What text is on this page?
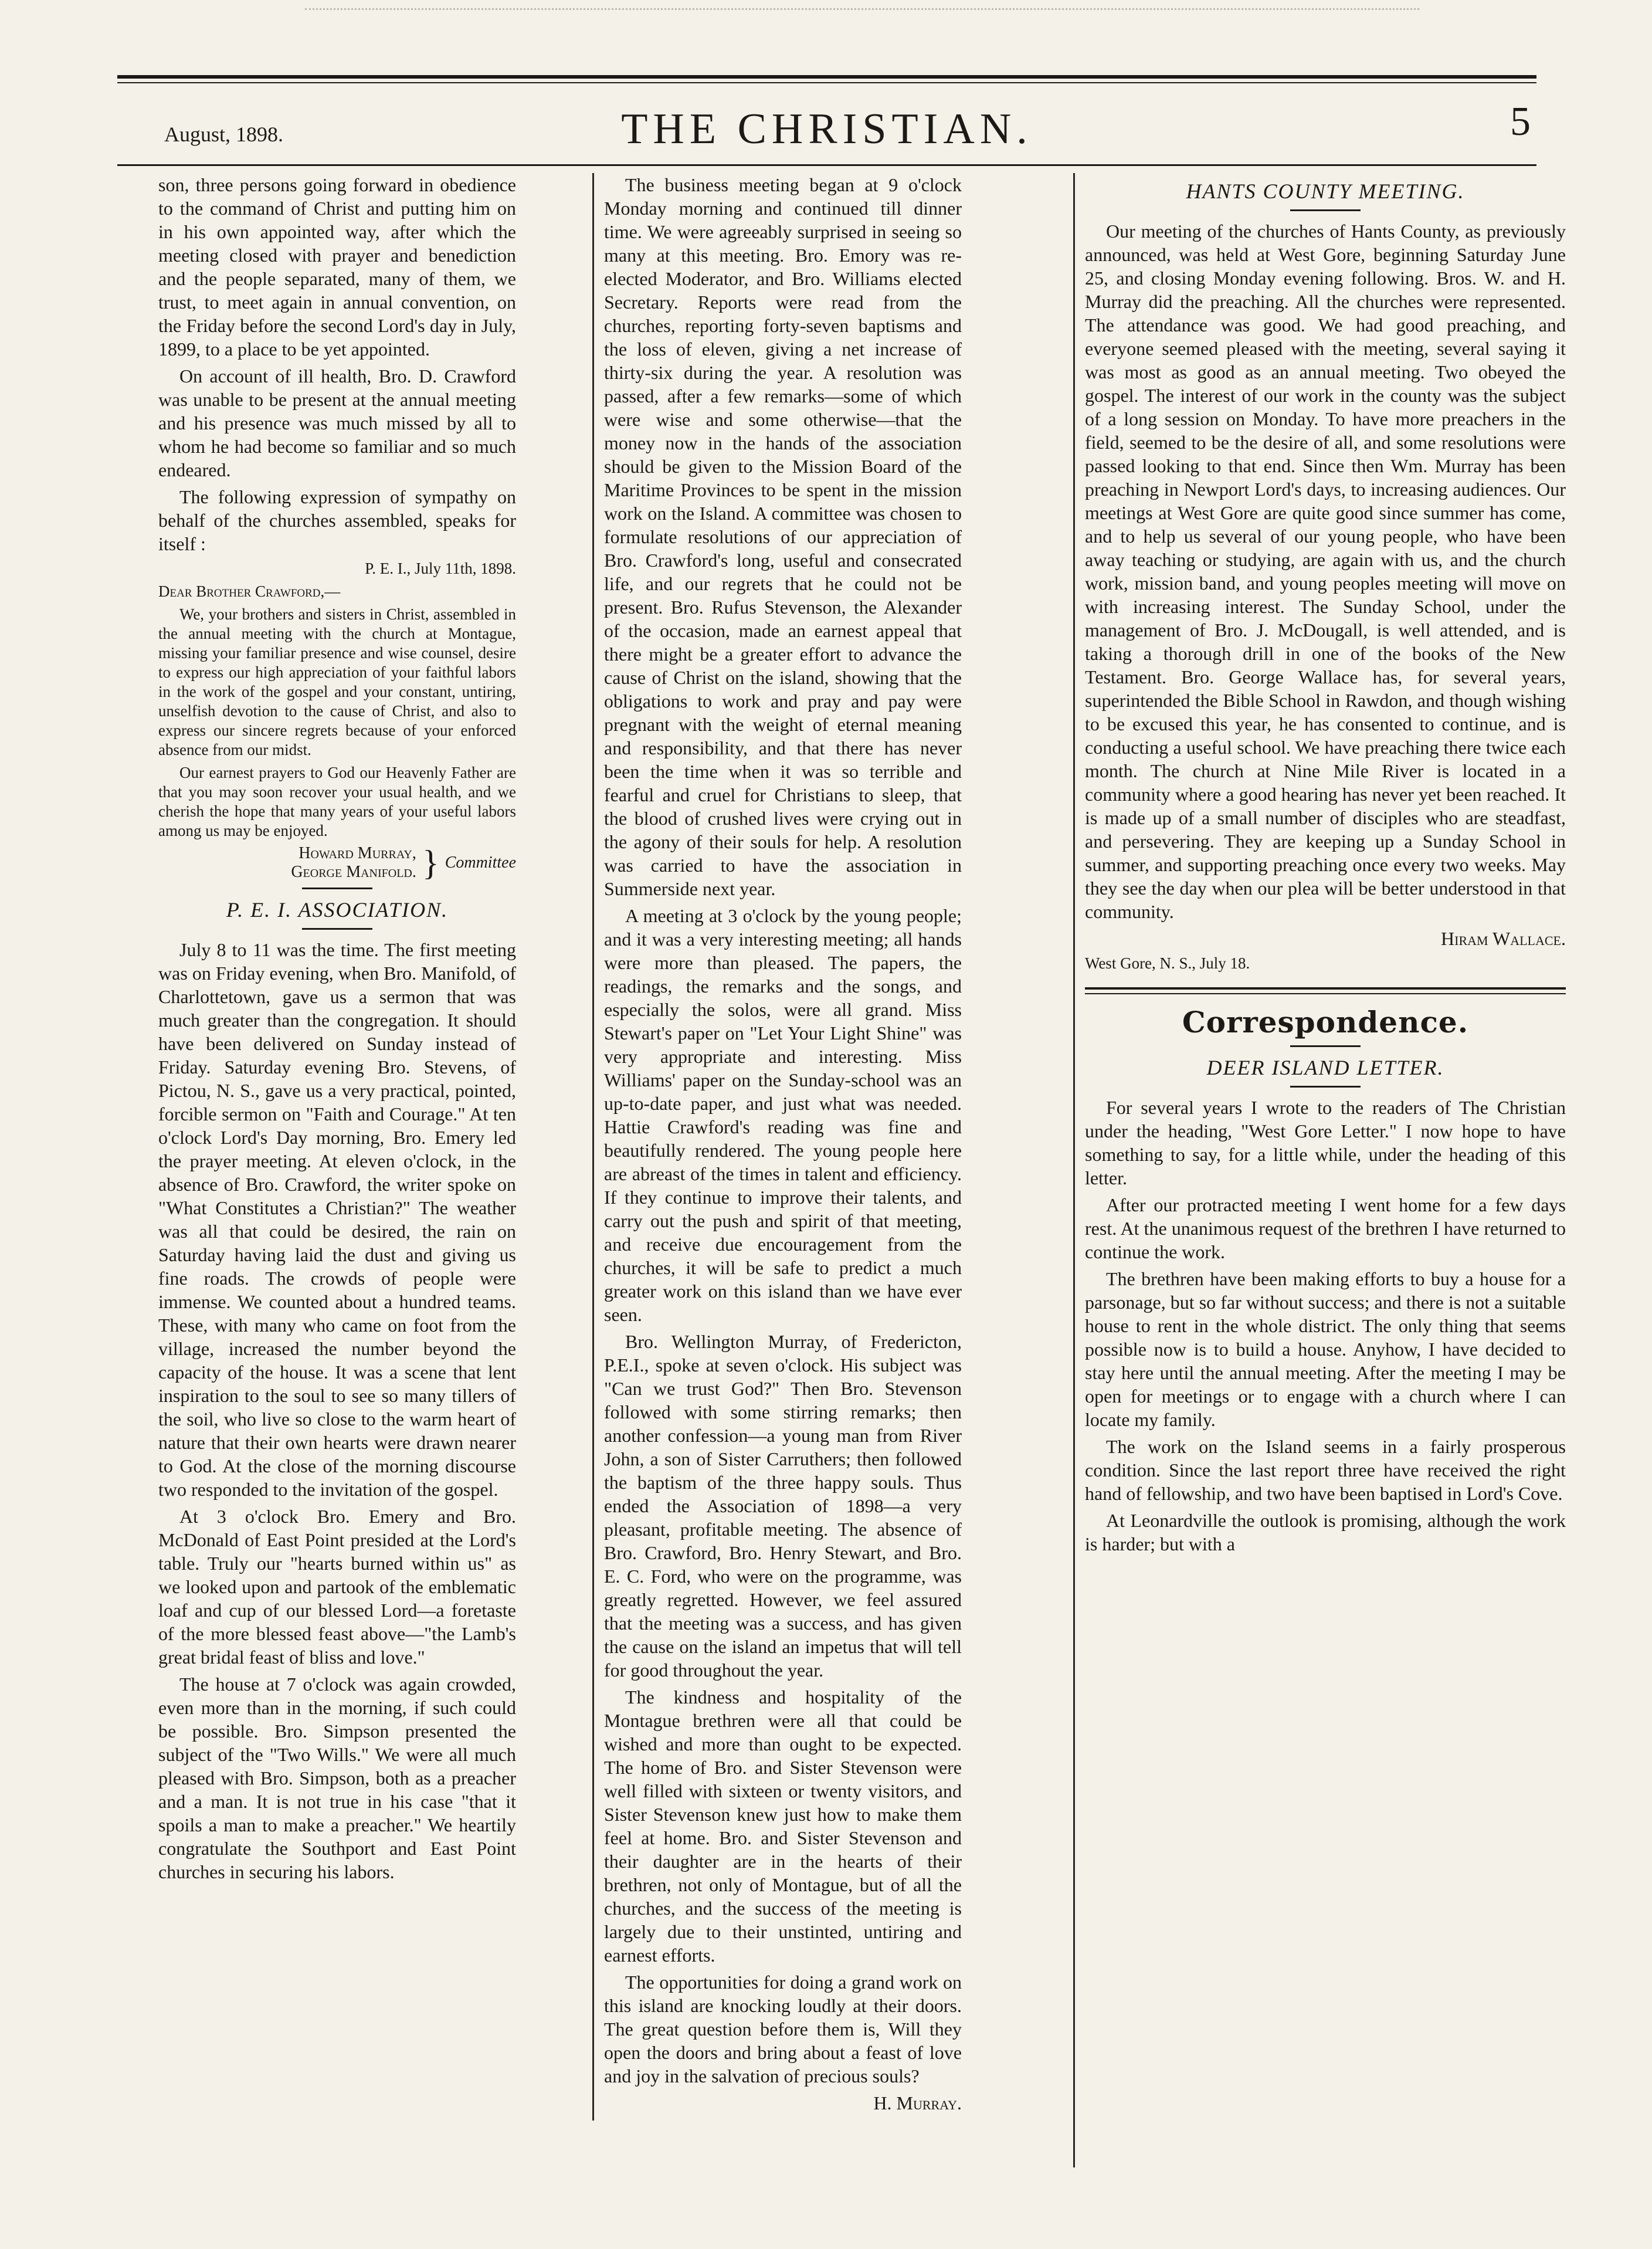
August, 1898.	THE CHRISTIAN.	5

son, three persons going forward in obedience to the command of Christ and putting him on in his own appointed way, after which the meeting closed with prayer and benediction and the people separated, many of them, we trust, to meet again in annual convention, on the Friday before the second Lord's day in July, 1899, to a place to be yet appointed.

On account of ill health, Bro. D. Crawford was unable to be present at the annual meeting and his presence was much missed by all to whom he had become so familiar and so much endeared.

The following expression of sympathy on behalf of the churches assembled, speaks for itself :

P. E. I., July 11th, 1898.

Dear Brother Crawford,—

We, your brothers and sisters in Christ, assembled in the annual meeting with the church at Montague, missing your familiar presence and wise counsel, desire to express our high appreciation of your faithful labors in the work of the gospel and your constant, untiring, unselfish devotion to the cause of Christ, and also to express our sincere regrets because of your enforced absence from our midst.

Our earnest prayers to God our Heavenly Father are that you may soon recover your usual health, and we cherish the hope that many years of your useful labors among us may be enjoyed.

Howard Murray,
George Manifold. } Committee
P. E. I. ASSOCIATION.

July 8 to 11 was the time. The first meeting was on Friday evening, when Bro. Manifold, of Charlottetown, gave us a sermon that was much greater than the congregation. It should have been delivered on Sunday instead of Friday. Saturday evening Bro. Stevens, of Pictou, N. S., gave us a very practical, pointed, forcible sermon on "Faith and Courage." At ten o'clock Lord's Day morning, Bro. Emery led the prayer meeting. At eleven o'clock, in the absence of Bro. Crawford, the writer spoke on "What Constitutes a Christian?" The weather was all that could be desired, the rain on Saturday having laid the dust and giving us fine roads. The crowds of people were immense. We counted about a hundred teams. These, with many who came on foot from the village, increased the number beyond the capacity of the house. It was a scene that lent inspiration to the soul to see so many tillers of the soil, who live so close to the warm heart of nature that their own hearts were drawn nearer to God. At the close of the morning discourse two responded to the invitation of the gospel.

At 3 o'clock Bro. Emery and Bro. McDonald of East Point presided at the Lord's table. Truly our "hearts burned within us" as we looked upon and partook of the emblematic loaf and cup of our blessed Lord—a foretaste of the more blessed feast above—"the Lamb's great bridal feast of bliss and love."

The house at 7 o'clock was again crowded, even more than in the morning, if such could be possible. Bro. Simpson presented the subject of the "Two Wills." We were all much pleased with Bro. Simpson, both as a preacher and a man. It is not true in his case "that it spoils a man to make a preacher." We heartily congratulate the Southport and East Point churches in securing his labors.

The business meeting began at 9 o'clock Monday morning and continued till dinner time. We were agreeably surprised in seeing so many at this meeting. Bro. Emory was re-elected Moderator, and Bro. Williams elected Secretary. Reports were read from the churches, reporting forty-seven baptisms and the loss of eleven, giving a net increase of thirty-six during the year. A resolution was passed, after a few remarks—some of which were wise and some otherwise—that the money now in the hands of the association should be given to the Mission Board of the Maritime Provinces to be spent in the mission work on the Island. A committee was chosen to formulate resolutions of our appreciation of Bro. Crawford's long, useful and consecrated life, and our regrets that he could not be present. Bro. Rufus Stevenson, the Alexander of the occasion, made an earnest appeal that there might be a greater effort to advance the cause of Christ on the island, showing that the obligations to work and pray and pay were pregnant with the weight of eternal meaning and responsibility, and that there has never been the time when it was so terrible and fearful and cruel for Christians to sleep, that the blood of crushed lives were crying out in the agony of their souls for help. A resolution was carried to have the association in Summerside next year.

A meeting at 3 o'clock by the young people; and it was a very interesting meeting; all hands were more than pleased. The papers, the readings, the remarks and the songs, and especially the solos, were all grand. Miss Stewart's paper on "Let Your Light Shine" was very appropriate and interesting. Miss Williams' paper on the Sunday-school was an up-to-date paper, and just what was needed. Hattie Crawford's reading was fine and beautifully rendered. The young people here are abreast of the times in talent and efficiency. If they continue to improve their talents, and carry out the push and spirit of that meeting, and receive due encouragement from the churches, it will be safe to predict a much greater work on this island than we have ever seen.

Bro. Wellington Murray, of Fredericton, P.E.I., spoke at seven o'clock. His subject was "Can we trust God?" Then Bro. Stevenson followed with some stirring remarks; then another confession—a young man from River John, a son of Sister Carruthers; then followed the baptism of the three happy souls. Thus ended the Association of 1898—a very pleasant, profitable meeting. The absence of Bro. Crawford, Bro. Henry Stewart, and Bro. E. C. Ford, who were on the programme, was greatly regretted. However, we feel assured that the meeting was a success, and has given the cause on the island an impetus that will tell for good throughout the year.

The kindness and hospitality of the Montague brethren were all that could be wished and more than ought to be expected. The home of Bro. and Sister Stevenson were well filled with sixteen or twenty visitors, and Sister Stevenson knew just how to make them feel at home. Bro. and Sister Stevenson and their daughter are in the hearts of their brethren, not only of Montague, but of all the churches, and the success of the meeting is largely due to their unstinted, untiring and earnest efforts.

The opportunities for doing a grand work on this island are knocking loudly at their doors. The great question before them is, Will they open the doors and bring about a feast of love and joy in the salvation of precious souls?

H. Murray.

HANTS COUNTY MEETING.

Our meeting of the churches of Hants County, as previously announced, was held at West Gore, beginning Saturday June 25, and closing Monday evening following. Bros. W. and H. Murray did the preaching. All the churches were represented. The attendance was good. We had good preaching, and everyone seemed pleased with the meeting, several saying it was most as good as an annual meeting. Two obeyed the gospel. The interest of our work in the county was the subject of a long session on Monday. To have more preachers in the field, seemed to be the desire of all, and some resolutions were passed looking to that end. Since then Wm. Murray has been preaching in Newport Lord's days, to increasing audiences. Our meetings at West Gore are quite good since summer has come, and to help us several of our young people, who have been away teaching or studying, are again with us, and the church work, mission band, and young peoples meeting will move on with increasing interest. The Sunday School, under the management of Bro. J. McDougall, is well attended, and is taking a thorough drill in one of the books of the New Testament. Bro. George Wallace has, for several years, superintended the Bible School in Rawdon, and though wishing to be excused this year, he has consented to continue, and is conducting a useful school. We have preaching there twice each month. The church at Nine Mile River is located in a community where a good hearing has never yet been reached. It is made up of a small number of disciples who are steadfast, and persevering. They are keeping up a Sunday School in summer, and supporting preaching once every two weeks. May they see the day when our plea will be better understood in that community.

Hiram Wallace.

West Gore, N. S., July 18.

Correspondence.
DEER ISLAND LETTER.

For several years I wrote to the readers of The Christian under the heading, "West Gore Letter." I now hope to have something to say, for a little while, under the heading of this letter.

After our protracted meeting I went home for a few days rest. At the unanimous request of the brethren I have returned to continue the work.

The brethren have been making efforts to buy a house for a parsonage, but so far without success; and there is not a suitable house to rent in the whole district. The only thing that seems possible now is to build a house. Anyhow, I have decided to stay here until the annual meeting. After the meeting I may be open for meetings or to engage with a church where I can locate my family.

The work on the Island seems in a fairly prosperous condition. Since the last report three have received the right hand of fellowship, and two have been baptised in Lord's Cove.

At Leonardville the outlook is promising, although the work is harder; but with a
